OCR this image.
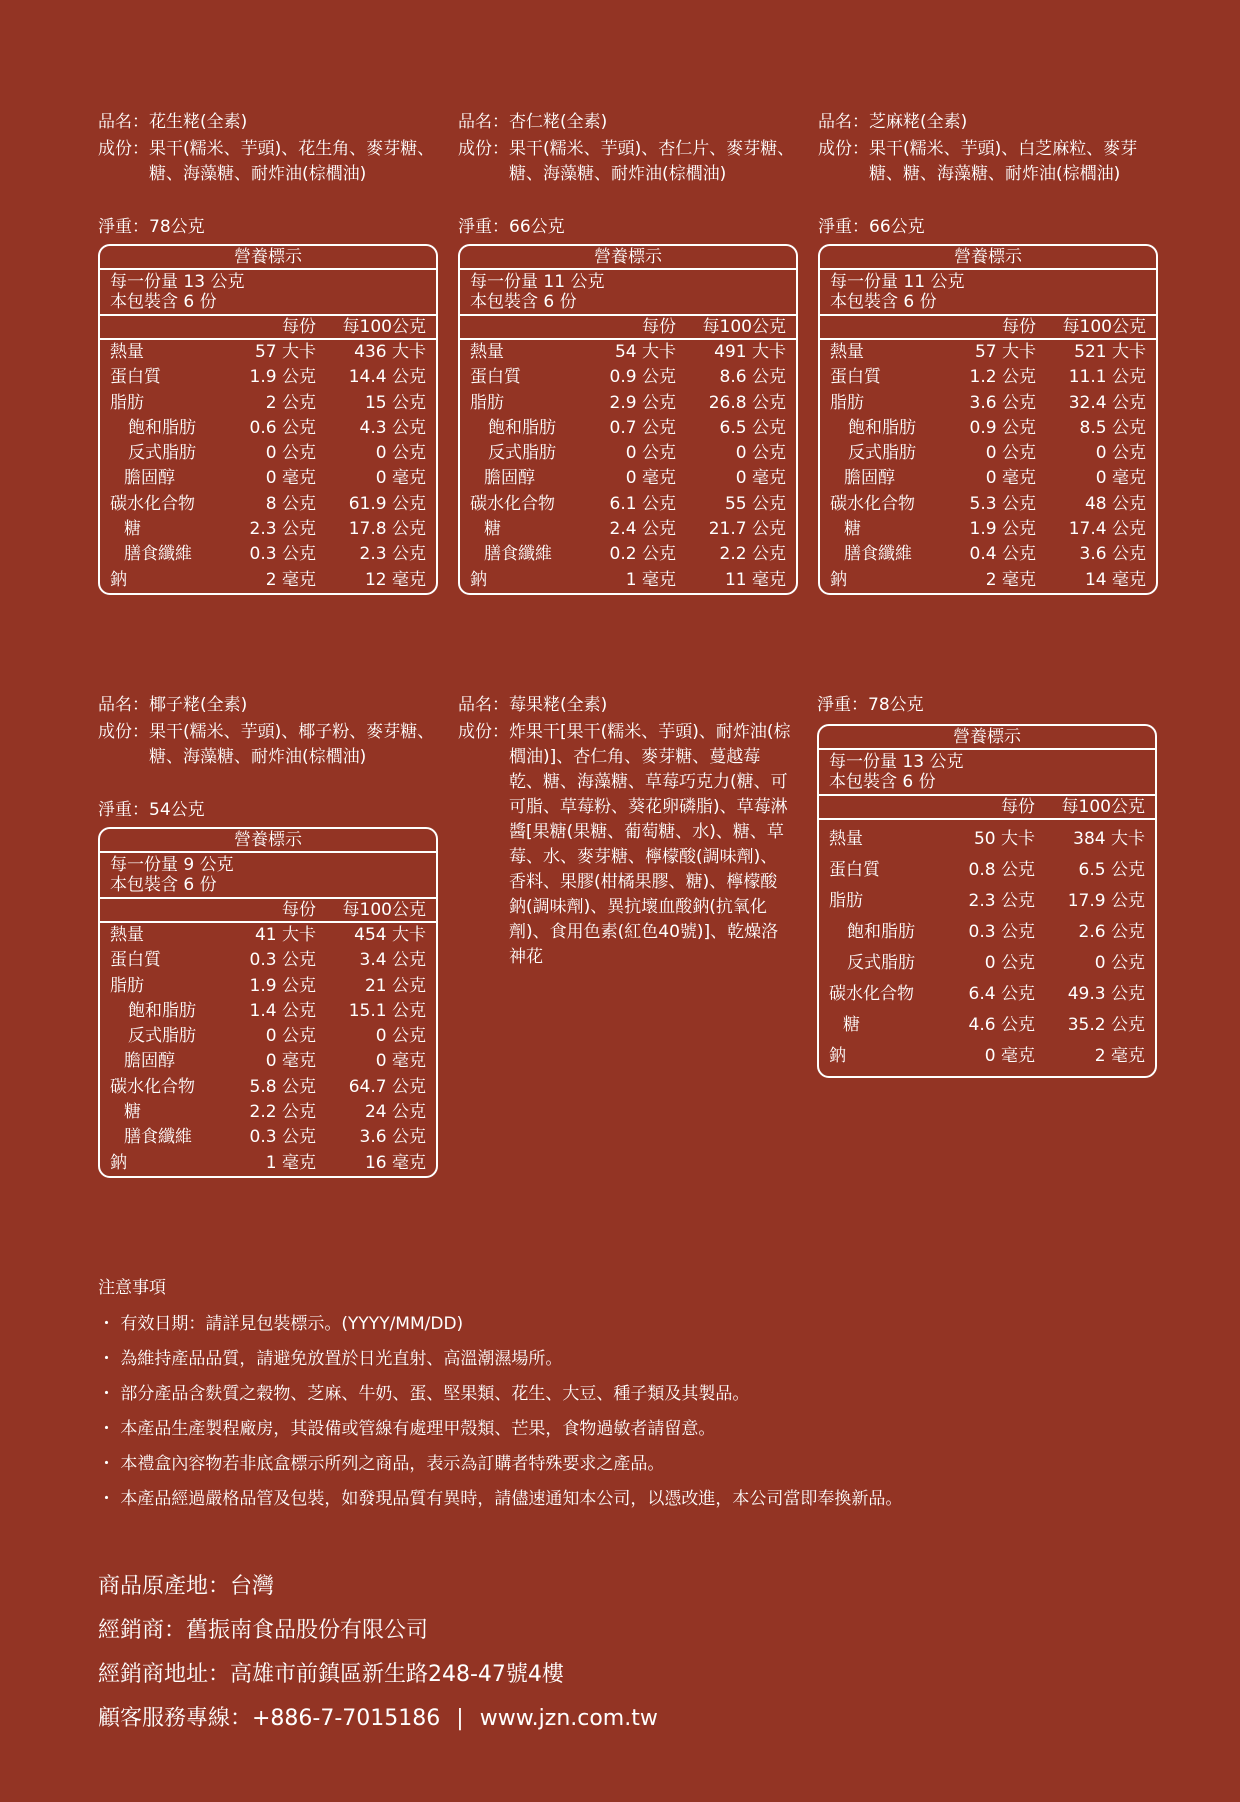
品名：花生粩(全素)
成份： 果干(糯米、芋頭)、花生角、麥芽糖、糖、海藻糖、耐炸油(棕櫚油)
淨重：78公克
營養標示
每一份量 13 公克
本包裝含 6 份
每份	每100公克
熱量	57 大卡	436 大卡
蛋白質	1.9 公克	14.4 公克
脂肪	2 公克	15 公克
飽和脂肪	0.6 公克	4.3 公克
反式脂肪	0 公克	0 公克
膽固醇	0 毫克	0 毫克
碳水化合物	8 公克	61.9 公克
糖	2.3 公克	17.8 公克
膳食纖維	0.3 公克	2.3 公克
鈉	2 毫克	12 毫克
品名：杏仁粩(全素)
成份： 果干(糯米、芋頭)、杏仁片、麥芽糖、糖、海藻糖、耐炸油(棕櫚油)
淨重：66公克
營養標示
每一份量 11 公克
本包裝含 6 份
每份	每100公克
熱量	54 大卡	491 大卡
蛋白質	0.9 公克	8.6 公克
脂肪	2.9 公克	26.8 公克
飽和脂肪	0.7 公克	6.5 公克
反式脂肪	0 公克	0 公克
膽固醇	0 毫克	0 毫克
碳水化合物	6.1 公克	55 公克
糖	2.4 公克	21.7 公克
膳食纖維	0.2 公克	2.2 公克
鈉	1 毫克	11 毫克
品名：芝麻粩(全素)
成份： 果干(糯米、芋頭)、白芝麻粒、麥芽糖、糖、海藻糖、耐炸油(棕櫚油)
淨重：66公克
營養標示
每一份量 11 公克
本包裝含 6 份
每份	每100公克
熱量	57 大卡	521 大卡
蛋白質	1.2 公克	11.1 公克
脂肪	3.6 公克	32.4 公克
飽和脂肪	0.9 公克	8.5 公克
反式脂肪	0 公克	0 公克
膽固醇	0 毫克	0 毫克
碳水化合物	5.3 公克	48 公克
糖	1.9 公克	17.4 公克
膳食纖維	0.4 公克	3.6 公克
鈉	2 毫克	14 毫克
品名：椰子粩(全素)
成份： 果干(糯米、芋頭)、椰子粉、麥芽糖、糖、海藻糖、耐炸油(棕櫚油)
淨重：54公克
營養標示
每一份量 9 公克
本包裝含 6 份
每份	每100公克
熱量	41 大卡	454 大卡
蛋白質	0.3 公克	3.4 公克
脂肪	1.9 公克	21 公克
飽和脂肪	1.4 公克	15.1 公克
反式脂肪	0 公克	0 公克
膽固醇	0 毫克	0 毫克
碳水化合物	5.8 公克	64.7 公克
糖	2.2 公克	24 公克
膳食纖維	0.3 公克	3.6 公克
鈉	1 毫克	16 毫克
品名：莓果粩(全素)
成份： 炸果干[果干(糯米、芋頭)、耐炸油(棕櫚油)]、杏仁角、麥芽糖、蔓越莓乾、糖、海藻糖、草莓巧克力(糖、可可脂、草莓粉、葵花卵磷脂)、草莓淋醬[果糖(果糖、葡萄糖、水)、糖、草莓、水、麥芽糖、檸檬酸(調味劑)、香料、果膠(柑橘果膠、糖)、檸檬酸鈉(調味劑)、異抗壞血酸鈉(抗氧化劑)、食用色素(紅色40號)]、乾燥洛神花
淨重：78公克
營養標示
每一份量 13 公克
本包裝含 6 份
每份	每100公克
熱量	50 大卡	384 大卡
蛋白質	0.8 公克	6.5 公克
脂肪	2.3 公克	17.9 公克
飽和脂肪	0.3 公克	2.6 公克
反式脂肪	0 公克	0 公克
碳水化合物	6.4 公克	49.3 公克
糖	4.6 公克	35.2 公克
鈉	0 毫克	2 毫克
注意事項
・ 有效日期：請詳見包裝標示。(YYYY/MM/DD)
・ 為維持產品品質，請避免放置於日光直射、高溫潮濕場所。
・ 部分產品含麩質之穀物、芝麻、牛奶、蛋、堅果類、花生、大豆、種子類及其製品。
・ 本產品生產製程廠房，其設備或管線有處理甲殼類、芒果，食物過敏者請留意。
・ 本禮盒內容物若非底盒標示所列之商品，表示為訂購者特殊要求之產品。
・ 本產品經過嚴格品管及包裝，如發現品質有異時，請儘速通知本公司，以憑改進，本公司當即奉換新品。
商品原產地：台灣
經銷商：舊振南食品股份有限公司
經銷商地址：高雄市前鎮區新生路248-47號4樓
顧客服務專線：+886-7-7015186 | www.jzn.com.tw
